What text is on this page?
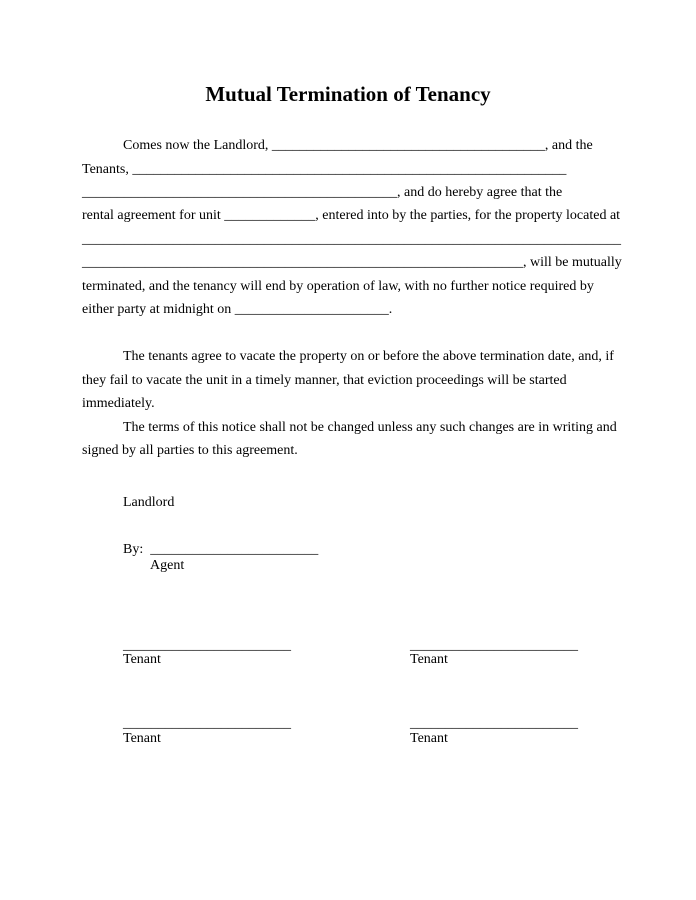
Mutual Termination of Tenancy
Comes now the Landlord, _______________________________________, and the
Tenants, ______________________________________________________________
_____________________________________________, and do hereby agree that the
rental agreement for unit _____________, entered into by the parties, for the property located at
_____________________________________________________________________________
_______________________________________________________________, will be mutually
terminated, and the tenancy will end by operation of law, with no further notice required by
either party at midnight on ______________________.
The tenants agree to vacate the property on or before the above termination date, and, if
they fail to vacate the unit in a timely manner, that eviction proceedings will be started
immediately.
The terms of this notice shall not be changed unless any such changes are in writing and
signed by all parties to this agreement.
Landlord
By:  ________________________
Agent
________________________
Tenant
________________________
Tenant
________________________
Tenant
________________________
Tenant
